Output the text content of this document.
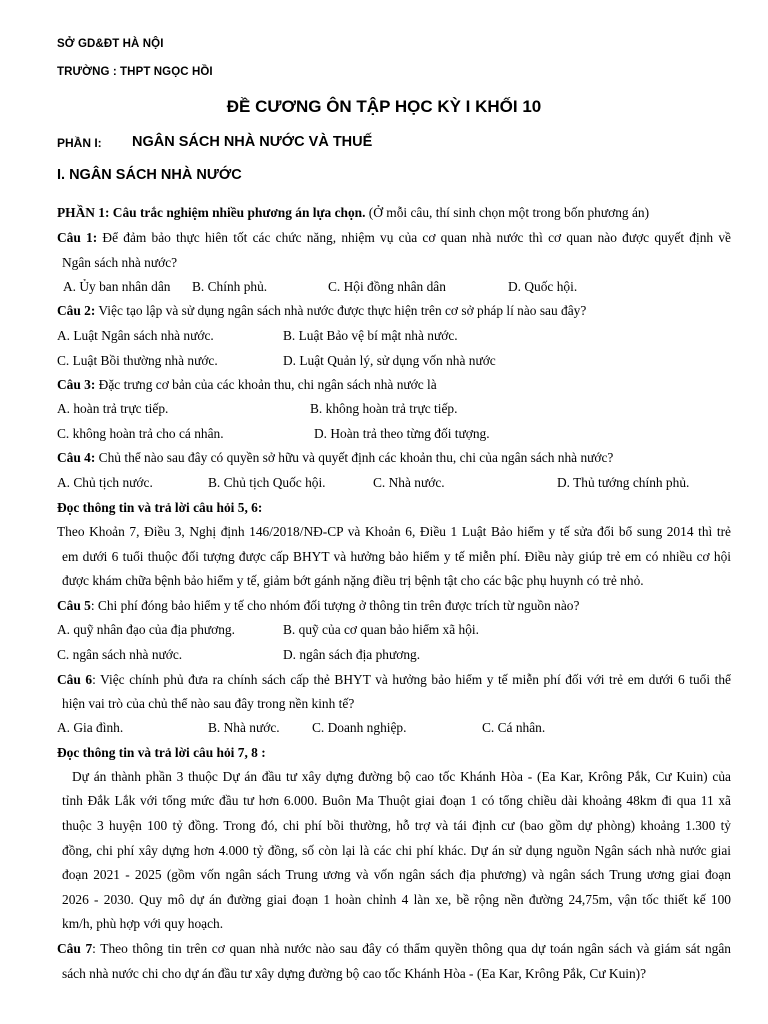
SỞ GD&ĐT HÀ NỘI
TRƯỜNG : THPT NGỌC HỒI
ĐỀ CƯƠNG ÔN TẬP HỌC KỲ I KHỐI 10
PHẦN I: NGÂN SÁCH NHÀ NƯỚC VÀ THUẾ
I. NGÂN SÁCH NHÀ NƯỚC
PHẦN 1: Câu trắc nghiệm nhiều phương án lựa chọn. (Ở mỗi câu, thí sinh chọn một trong bốn phương án)
Câu 1: Để đảm bảo thực hiên tốt các chức năng, nhiệm vụ của cơ quan nhà nước thì cơ quan nào được quyết định về
Ngân sách nhà nước?
A. Ủy ban nhân dân B. Chính phủ.	C. Hội đồng nhân dân	D. Quốc hội.
Câu 2: Việc tạo lập và sử dụng ngân sách nhà nước được thực hiện trên cơ sở pháp lí nào sau đây?
A. Luật Ngân sách nhà nước.	B. Luật Bảo vệ bí mật nhà nước.
C. Luật Bồi thường nhà nước.	D. Luật Quản lý, sử dụng vốn nhà nước
Câu 3: Đặc trưng cơ bản của các khoản thu, chi ngân sách nhà nước là
A. hoàn trả trực tiếp.	B. không hoàn trả trực tiếp.
C. không hoàn trả cho cá nhân.	D. Hoàn trả theo từng đối tượng.
Câu 4: Chủ thể nào sau đây có quyền sở hữu và quyết định các khoản thu, chi của ngân sách nhà nước?
A. Chủ tịch nước.	B. Chủ tịch Quốc hội.	C. Nhà nước.	D. Thủ tướng chính phủ.
Đọc thông tin và trả lời câu hỏi 5, 6:
Theo Khoản 7, Điều 3, Nghị định 146/2018/NĐ-CP và Khoản 6, Điều 1 Luật Bảo hiểm y tế sửa đổi bổ sung 2014 thì trẻ
em dưới 6 tuổi thuộc đối tượng được cấp BHYT và hưởng bảo hiểm y tế miễn phí. Điều này giúp trẻ em có nhiều cơ hội
được khám chữa bệnh bảo hiểm y tế, giảm bớt gánh nặng điều trị bệnh tật cho các bậc phụ huynh có trẻ nhỏ.
Câu 5: Chi phí đóng bảo hiểm y tế cho nhóm đối tượng ở thông tin trên được trích từ nguồn nào?
A. quỹ nhân đạo của địa phương.	B. quỹ của cơ quan bảo hiểm xã hội.
C. ngân sách nhà nước.	D. ngân sách địa phương.
Câu 6: Việc chính phủ đưa ra chính sách cấp thẻ BHYT và hưởng bảo hiểm y tế miễn phí đối với trẻ em dưới 6 tuổi thể
hiện vai trò của chủ thể nào sau đây trong nền kinh tế?
A. Gia đình.	B. Nhà nước. C. Doanh nghiệp.	C. Cá nhân.
Đọc thông tin và trả lời câu hỏi 7, 8 :
Dự án thành phần 3 thuộc Dự án đầu tư xây dựng đường bộ cao tốc Khánh Hòa - (Ea Kar, Krông Pắk, Cư Kuin) của
tỉnh Đắk Lắk với tổng mức đầu tư hơn 6.000. Buôn Ma Thuột giai đoạn 1 có tổng chiều dài khoảng 48km đi qua 11 xã
thuộc 3 huyện 100 tỷ đồng. Trong đó, chi phí bồi thường, hỗ trợ và tái định cư (bao gồm dự phòng) khoảng 1.300 tỷ
đồng, chi phí xây dựng hơn 4.000 tỷ đồng, số còn lại là các chi phí khác. Dự án sử dụng nguồn Ngân sách nhà nước giai
đoạn 2021 - 2025 (gồm vốn ngân sách Trung ương và vốn ngân sách địa phương) và ngân sách Trung ương giai đoạn
2026 - 2030. Quy mô dự án đường giai đoạn 1 hoàn chỉnh 4 làn xe, bề rộng nền đường 24,75m, vận tốc thiết kế 100
km/h, phù hợp với quy hoạch.
Câu 7: Theo thông tin trên cơ quan nhà nước nào sau đây có thẩm quyền thông qua dự toán ngân sách và giám sát ngân
sách nhà nước chi cho dự án đầu tư xây dựng đường bộ cao tốc Khánh Hòa - (Ea Kar, Krông Pắk, Cư Kuin)?
